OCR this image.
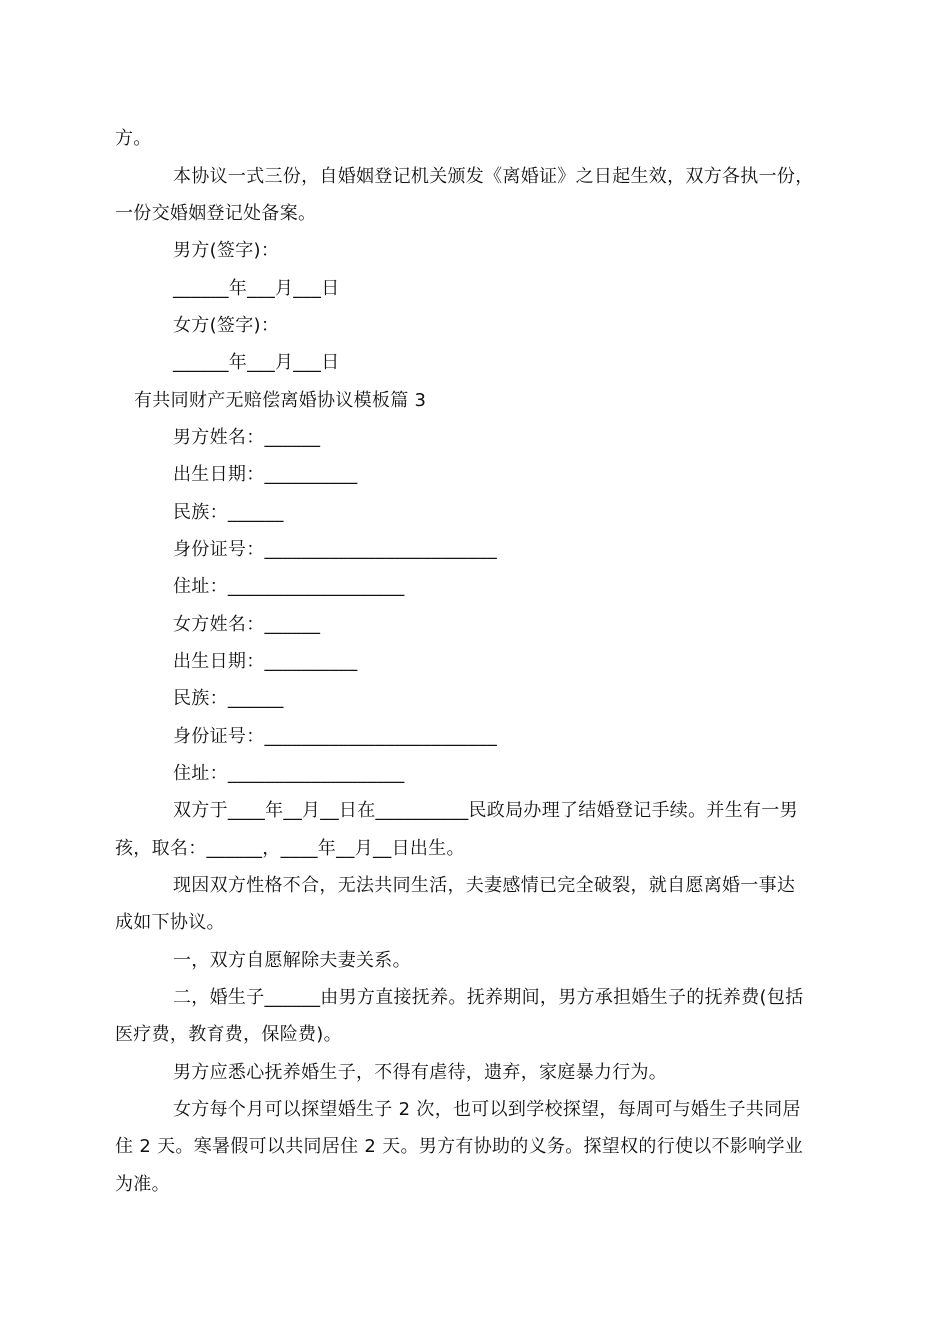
方。
本协议一式三份，自婚姻登记机关颁发《离婚证》之日起生效，双方各执一份，
一份交婚姻登记处备案。
男方(签字)：
______年___月___日
女方(签字)：
______年___月___日
有共同财产无赔偿离婚协议模板篇 3
男方姓名：______
出生日期：__________
民族：______
身份证号：_________________________
住址：___________________
女方姓名：______
出生日期：__________
民族：______
身份证号：_________________________
住址：___________________
双方于____年__月__日在__________民政局办理了结婚登记手续。并生有一男
孩，取名：______，____年__月__日出生。
现因双方性格不合，无法共同生活，夫妻感情已完全破裂，就自愿离婚一事达
成如下协议。
一，双方自愿解除夫妻关系。
二，婚生子______由男方直接抚养。抚养期间，男方承担婚生子的抚养费(包括
医疗费，教育费，保险费)。
男方应悉心抚养婚生子，不得有虐待，遗弃，家庭暴力行为。
女方每个月可以探望婚生子 2 次，也可以到学校探望，每周可与婚生子共同居
住 2 天。寒暑假可以共同居住 2 天。男方有协助的义务。探望权的行使以不影响学业
为准。
